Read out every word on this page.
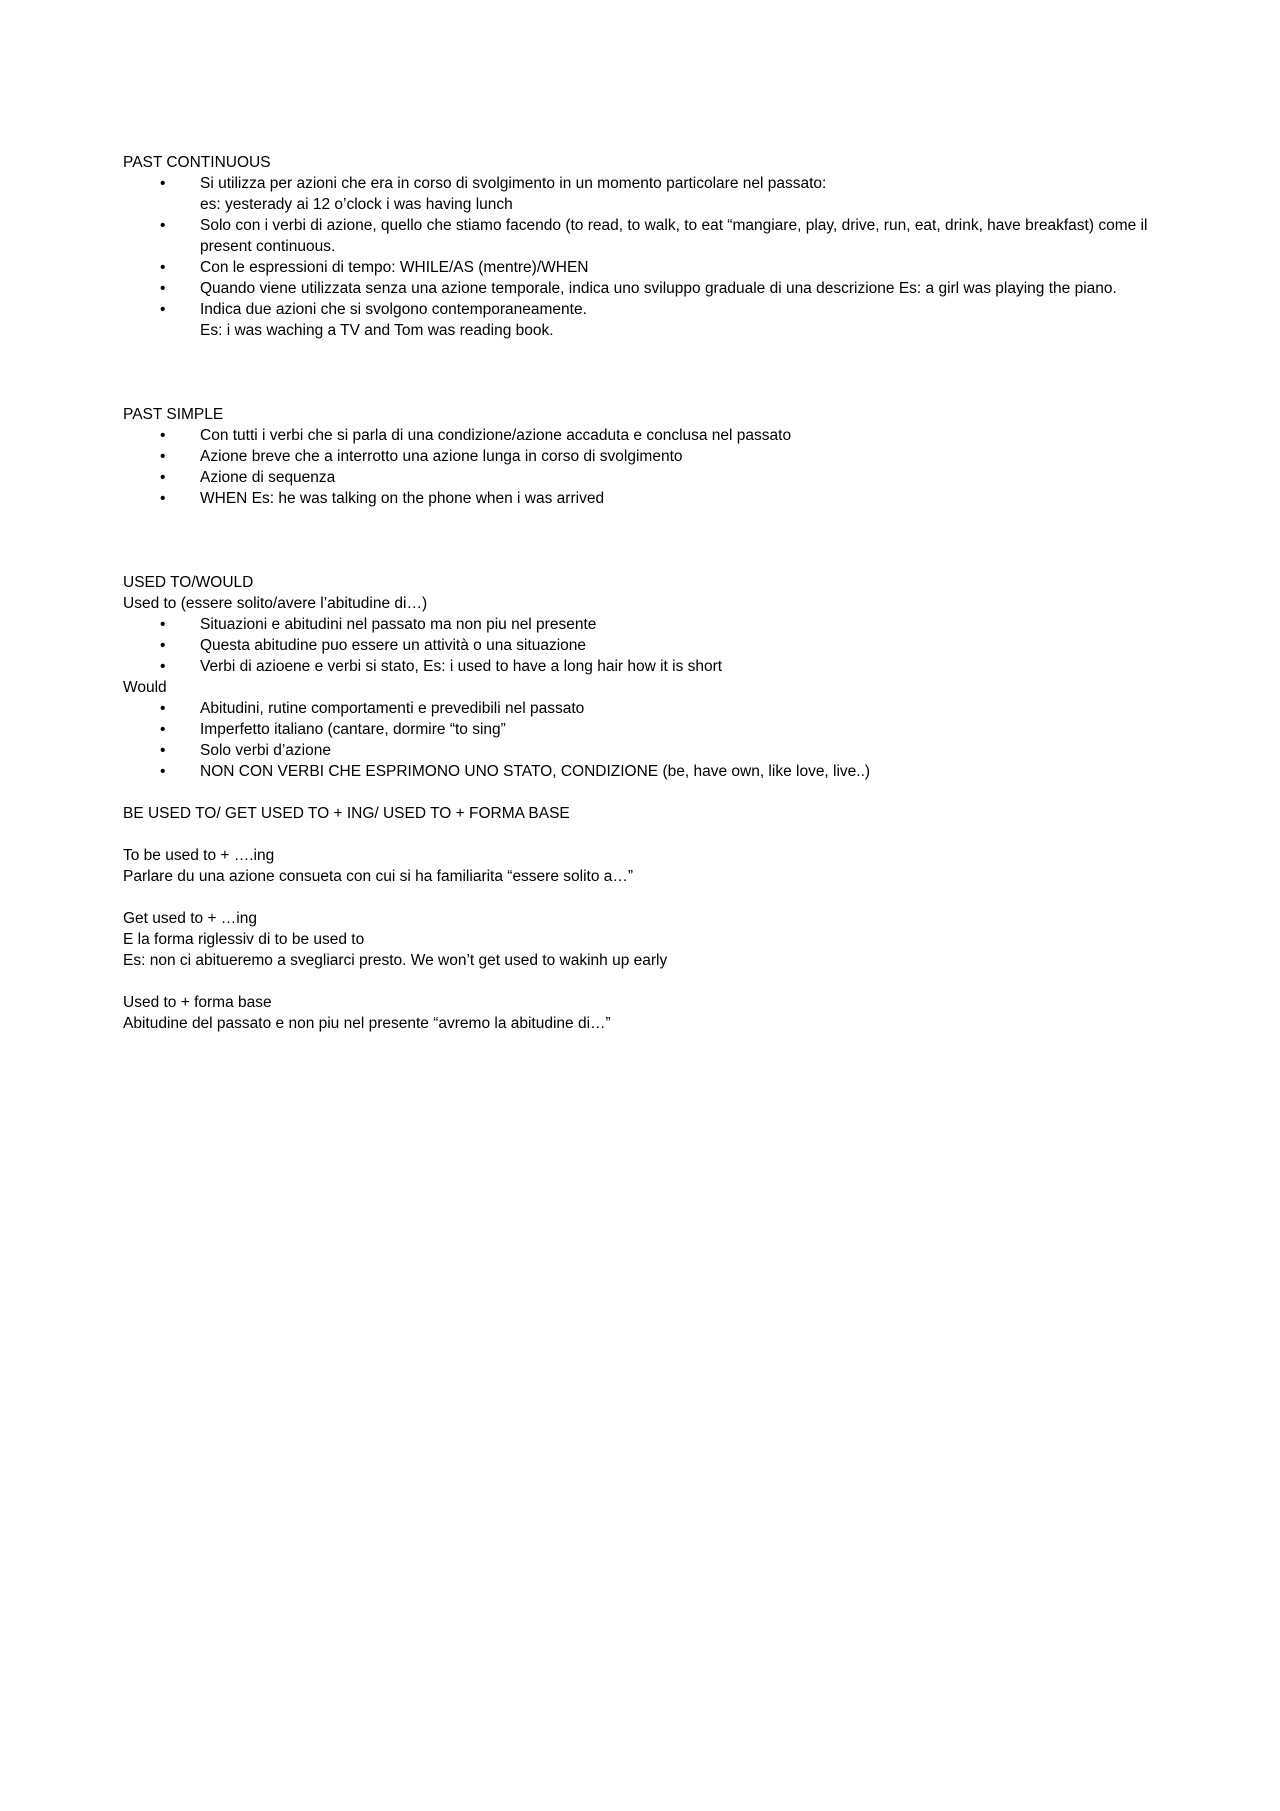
PAST CONTINUOUS
• Si utilizza per azioni che era in corso di svolgimento in un momento particolare nel passato:
es: yesterady ai 12 o’clock i was having lunch
• Solo con i verbi di azione, quello che stiamo facendo (to read, to walk, to eat “mangiare, play, drive, run, eat, drink, have breakfast) come il present continuous.
• Con le espressioni di tempo: WHILE/AS (mentre)/WHEN
• Quando viene utilizzata senza una azione temporale, indica uno sviluppo graduale di una descrizione Es: a girl was playing the piano.
• Indica due azioni che si svolgono contemporaneamente.
Es: i was waching a TV and Tom was reading book.
PAST SIMPLE
• Con tutti i verbi che si parla di una condizione/azione accaduta e conclusa nel passato
• Azione breve che a interrotto una azione lunga in corso di svolgimento
• Azione di sequenza
• WHEN Es: he was talking on the phone when i was arrived
USED TO/WOULD
Used to (essere solito/avere l’abitudine di…)
• Situazioni e abitudini nel passato ma non piu nel presente
• Questa abitudine puo essere un attività o una situazione
• Verbi di azioene e verbi si stato, Es: i used to have a long hair how it is short
Would
• Abitudini, rutine comportamenti e prevedibili nel passato
• Imperfetto italiano (cantare, dormire “to sing”
• Solo verbi d’azione
• NON CON VERBI CHE ESPRIMONO UNO STATO, CONDIZIONE (be, have own, like love, live..)
BE USED TO/ GET USED TO + ING/ USED TO + FORMA BASE
To be used to + ….ing
Parlare du una azione consueta con cui si ha familiarita “essere solito a…”
Get used to + …ing
E la forma riglessiv di to be used to
Es: non ci abitueremo a svegliarci presto. We won’t get used to wakinh up early
Used to + forma base
Abitudine del passato e non piu nel presente “avremo la abitudine di…”
